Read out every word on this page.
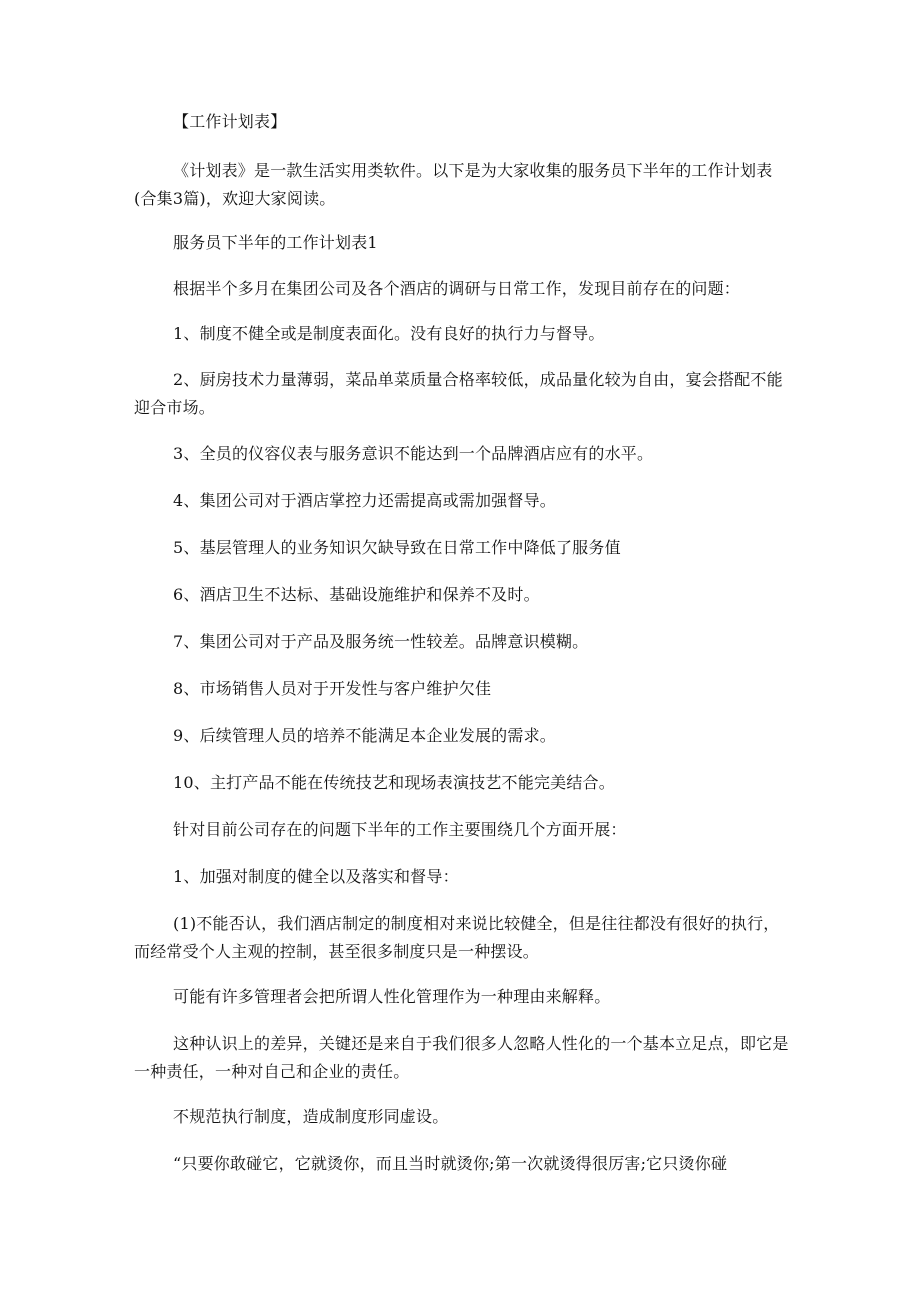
【工作计划表】
《计划表》是一款生活实用类软件。以下是为大家收集的服务员下半年的工作计划表(合集3篇)，欢迎大家阅读。
服务员下半年的工作计划表1
根据半个多月在集团公司及各个酒店的调研与日常工作，发现目前存在的问题：
1、制度不健全或是制度表面化。没有良好的执行力与督导。
2、厨房技术力量薄弱，菜品单菜质量合格率较低，成品量化较为自由，宴会搭配不能迎合市场。
3、全员的仪容仪表与服务意识不能达到一个品牌酒店应有的水平。
4、集团公司对于酒店掌控力还需提高或需加强督导。
5、基层管理人的业务知识欠缺导致在日常工作中降低了服务值
6、酒店卫生不达标、基础设施维护和保养不及时。
7、集团公司对于产品及服务统一性较差。品牌意识模糊。
8、市场销售人员对于开发性与客户维护欠佳
9、后续管理人员的培养不能满足本企业发展的需求。
10、主打产品不能在传统技艺和现场表演技艺不能完美结合。
针对目前公司存在的问题下半年的工作主要围绕几个方面开展：
1、加强对制度的健全以及落实和督导：
(1)不能否认，我们酒店制定的制度相对来说比较健全，但是往往都没有很好的执行，而经常受个人主观的控制，甚至很多制度只是一种摆设。
可能有许多管理者会把所谓人性化管理作为一种理由来解释。
这种认识上的差异，关键还是来自于我们很多人忽略人性化的一个基本立足点，即它是一种责任，一种对自己和企业的责任。
不规范执行制度，造成制度形同虚设。
“只要你敢碰它，它就烫你，而且当时就烫你;第一次就烫得很厉害;它只烫你碰
